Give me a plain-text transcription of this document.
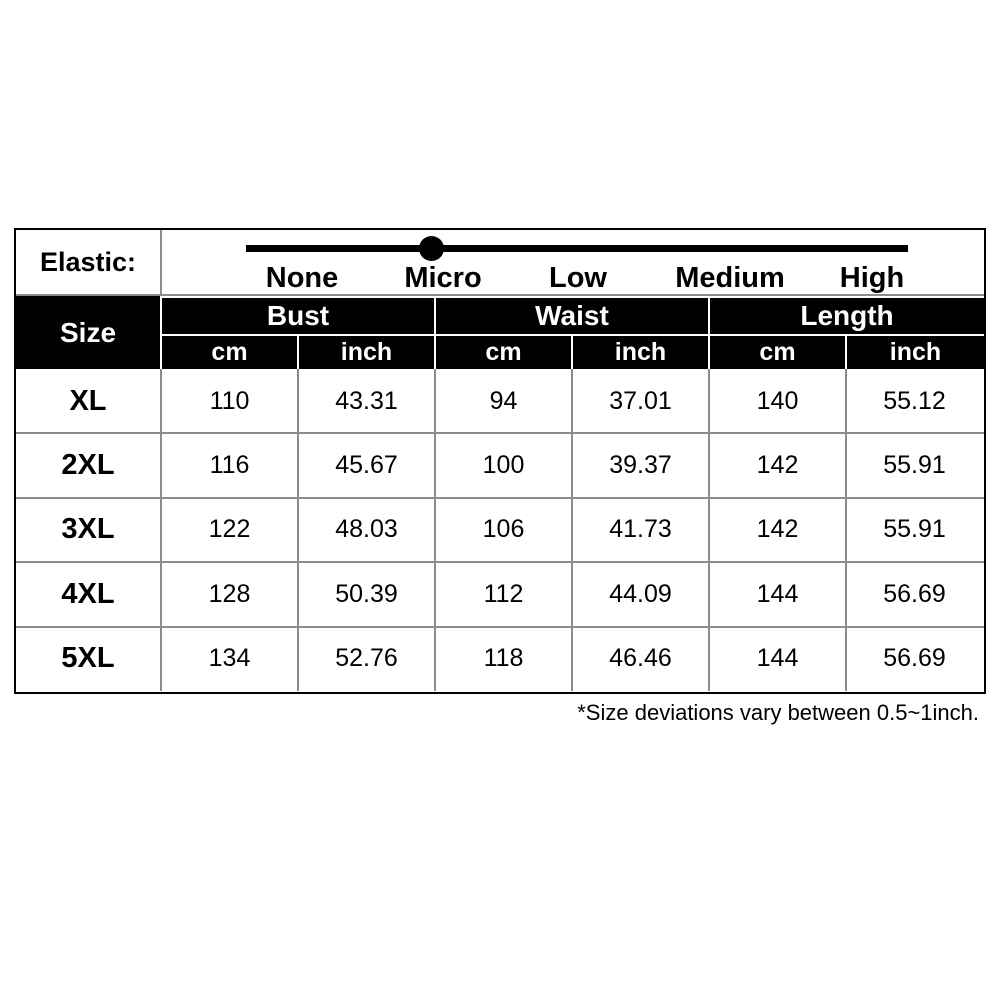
Elastic:
None Micro Low Medium High
Size
Bust	Waist	Length
cm	inch	cm	inch	cm	inch
XL	110	43.31	94	37.01	140	55.12
2XL	116	45.67	100	39.37	142	55.91
3XL	122	48.03	106	41.73	142	55.91
4XL	128	50.39	112	44.09	144	56.69
5XL	134	52.76	118	46.46	144	56.69
*Size deviations vary between 0.5~1inch.
